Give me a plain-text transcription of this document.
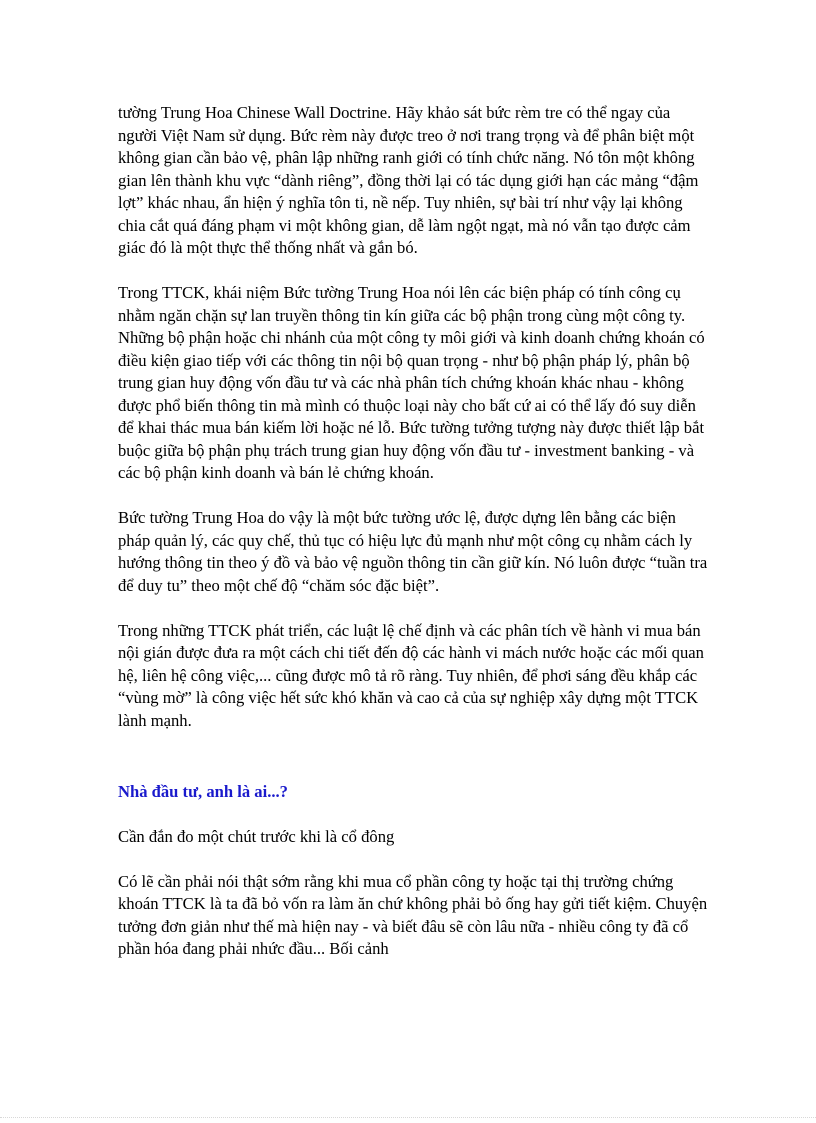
tường Trung Hoa Chinese Wall Doctrine. Hãy khảo sát bức rèm tre có thể ngay của người Việt Nam sử dụng. Bức rèm này được treo ở nơi trang trọng và để phân biệt một không gian cần bảo vệ, phân lập những ranh giới có tính chức năng. Nó tôn một không gian lên thành khu vực “dành riêng”, đồng thời lại có tác dụng giới hạn các mảng “đậm lợt” khác nhau, ẩn hiện ý nghĩa tôn ti, nề nếp. Tuy nhiên, sự bài trí như vậy lại không chia cắt quá đáng phạm vi một không gian, dễ làm ngột ngạt, mà nó vẫn tạo được cảm giác đó là một thực thể thống nhất và gắn bó.

Trong TTCK, khái niệm Bức tường Trung Hoa nói lên các biện pháp có tính công cụ nhằm ngăn chặn sự lan truyền thông tin kín giữa các bộ phận trong cùng một công ty. Những bộ phận hoặc chi nhánh của một công ty môi giới và kinh doanh chứng khoán có điều kiện giao tiếp với các thông tin nội bộ quan trọng - như bộ phận pháp lý, phân bộ trung gian huy động vốn đầu tư và các nhà phân tích chứng khoán khác nhau - không được phổ biến thông tin mà mình có thuộc loại này cho bất cứ ai có thể lấy đó suy diễn để khai thác mua bán kiếm lời hoặc né lỗ. Bức tường tưởng tượng này được thiết lập bắt buộc giữa bộ phận phụ trách trung gian huy động vốn đầu tư - investment banking - và các bộ phận kinh doanh và bán lẻ chứng khoán.

Bức tường Trung Hoa do vậy là một bức tường ước lệ, được dựng lên bằng các biện pháp quản lý, các quy chế, thủ tục có hiệu lực đủ mạnh như một công cụ nhằm cách ly hướng thông tin theo ý đồ và bảo vệ nguồn thông tin cần giữ kín. Nó luôn được “tuần tra để duy tu” theo một chế độ “chăm sóc đặc biệt”.

Trong những TTCK phát triển, các luật lệ chế định và các phân tích về hành vi mua bán nội gián được đưa ra một cách chi tiết đến độ các hành vi mách nước hoặc các mối quan hệ, liên hệ công việc,... cũng được mô tả rõ ràng. Tuy nhiên, để phơi sáng đều khắp các “vùng mờ” là công việc hết sức khó khăn và cao cả của sự nghiệp xây dựng một TTCK lành mạnh.

Nhà đầu tư, anh là ai...?

Cần đắn đo một chút trước khi là cổ đông

Có lẽ cần phải nói thật sớm rằng khi mua cổ phần công ty hoặc tại thị trường chứng khoán TTCK là ta đã bỏ vốn ra làm ăn chứ không phải bỏ ống hay gửi tiết kiệm. Chuyện tưởng đơn giản như thế mà hiện nay - và biết đâu sẽ còn lâu nữa - nhiều công ty đã cổ phần hóa đang phải nhức đầu... Bối cảnh
